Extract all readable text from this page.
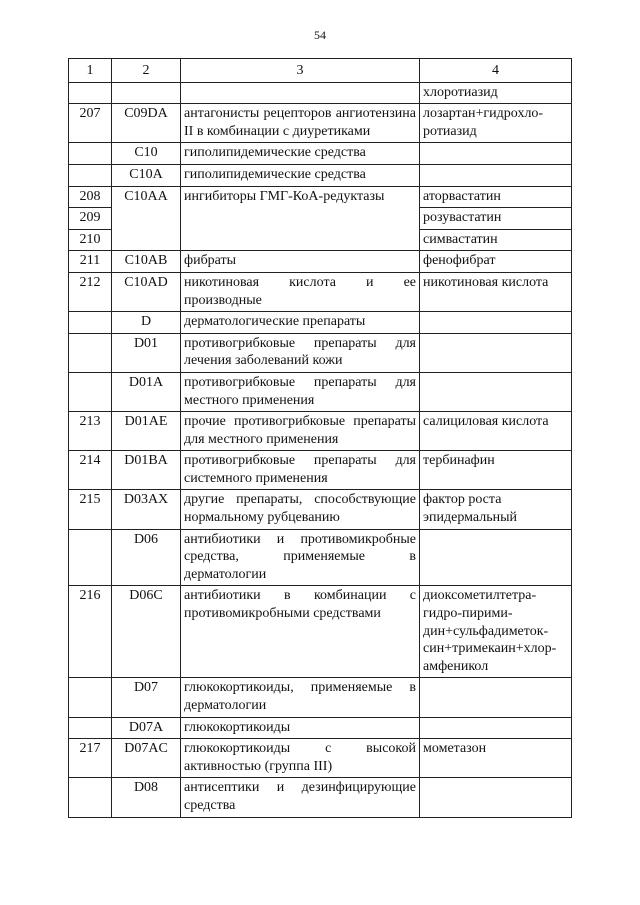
54
1	2	3	4
			хлоротиазид
207	C09DA	антагонисты рецепторов ангиотензина II в комбинации с диуретиками	лозартан+гидрохло-
ротиазид
	C10	гиполипидемические средства	
	C10A	гиполипидемические средства	
208	C10AA	ингибиторы ГМГ-КоА-редуктазы	аторвастатин
209			розувастатин
210			симвастатин
211	C10AB	фибраты	фенофибрат
212	C10AD	никотиновая кислота и ее производные	никотиновая кислота
	D	дерматологические препараты	
	D01	противогрибковые препараты для лечения заболеваний кожи	
	D01A	противогрибковые препараты для местного применения	
213	D01AE	прочие противогрибковые препараты для местного применения	салициловая кислота
214	D01BA	противогрибковые препараты для системного применения	тербинафин
215	D03AX	другие препараты, способствующие нормальному рубцеванию	фактор роста эпидермальный
	D06	антибиотики и противомикробные средства, применяемые в дерматологии	
216	D06C	антибиотики в комбинации с противомикробными средствами	диоксометилтетра-
гидро-пирими-
дин+сульфадиметок-
син+тримекаин+хлор-
амфеникол
	D07	глюкокортикоиды, применяемые в дерматологии	
	D07A	глюкокортикоиды	
217	D07AC	глюкокортикоиды с высокой активностью (группа III)	мометазон
	D08	антисептики и дезинфицирующие средства	
